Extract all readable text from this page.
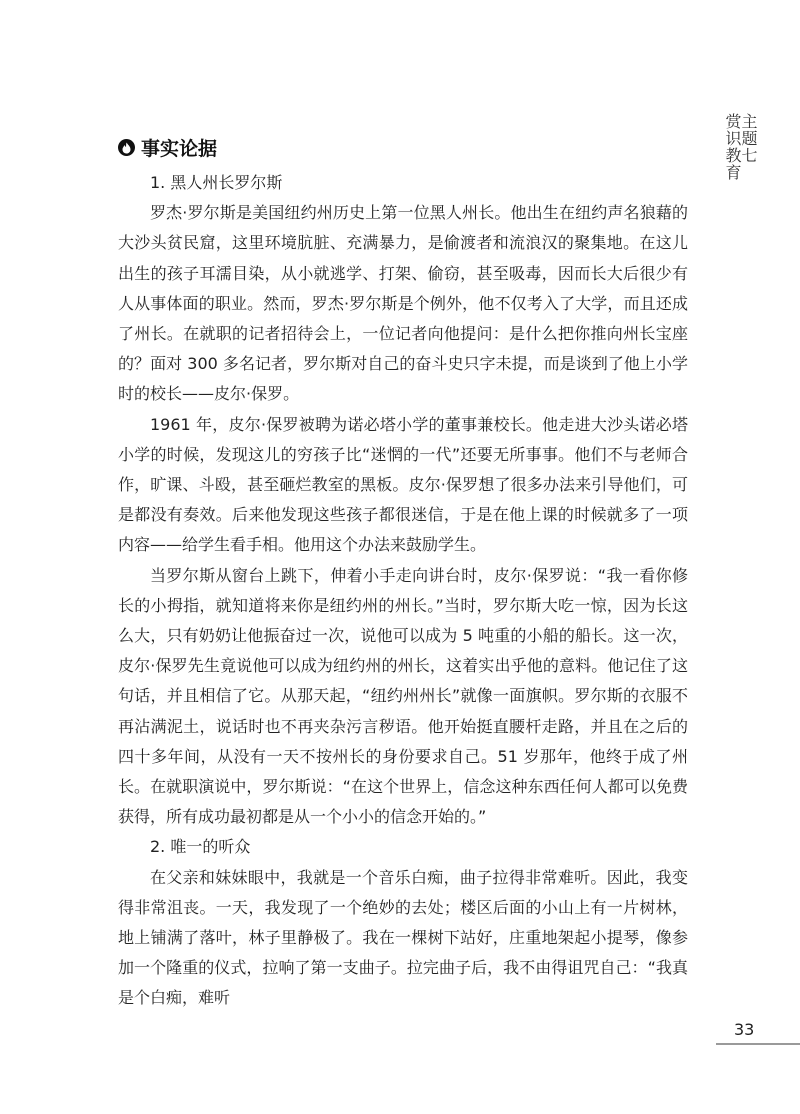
主题七
赏识教育
事实论据

1. 黑人州长罗尔斯

罗杰·罗尔斯是美国纽约州历史上第一位黑人州长。他出生在纽约声名狼藉的大沙头贫民窟，这里环境肮脏、充满暴力，是偷渡者和流浪汉的聚集地。在这儿出生的孩子耳濡目染，从小就逃学、打架、偷窃，甚至吸毒，因而长大后很少有人从事体面的职业。然而，罗杰·罗尔斯是个例外，他不仅考入了大学，而且还成了州长。在就职的记者招待会上，一位记者向他提问：是什么把你推向州长宝座的？面对 300 多名记者，罗尔斯对自己的奋斗史只字未提，而是谈到了他上小学时的校长——皮尔·保罗。

1961 年，皮尔·保罗被聘为诺必塔小学的董事兼校长。他走进大沙头诺必塔小学的时候，发现这儿的穷孩子比“迷惘的一代”还要无所事事。他们不与老师合作，旷课、斗殴，甚至砸烂教室的黑板。皮尔·保罗想了很多办法来引导他们，可是都没有奏效。后来他发现这些孩子都很迷信，于是在他上课的时候就多了一项内容——给学生看手相。他用这个办法来鼓励学生。

当罗尔斯从窗台上跳下，伸着小手走向讲台时，皮尔·保罗说：“我一看你修长的小拇指，就知道将来你是纽约州的州长。”当时，罗尔斯大吃一惊，因为长这么大，只有奶奶让他振奋过一次，说他可以成为 5 吨重的小船的船长。这一次，皮尔·保罗先生竟说他可以成为纽约州的州长，这着实出乎他的意料。他记住了这句话，并且相信了它。从那天起，“纽约州州长”就像一面旗帜。罗尔斯的衣服不再沾满泥土，说话时也不再夹杂污言秽语。他开始挺直腰杆走路，并且在之后的四十多年间，从没有一天不按州长的身份要求自己。51 岁那年，他终于成了州长。在就职演说中，罗尔斯说：“在这个世界上，信念这种东西任何人都可以免费获得，所有成功最初都是从一个小小的信念开始的。”

2. 唯一的听众

在父亲和妹妹眼中，我就是一个音乐白痴，曲子拉得非常难听。因此，我变得非常沮丧。一天，我发现了一个绝妙的去处；楼区后面的小山上有一片树林，地上铺满了落叶，林子里静极了。我在一棵树下站好，庄重地架起小提琴，像参加一个隆重的仪式，拉响了第一支曲子。拉完曲子后，我不由得诅咒自己：“我真是个白痴，难听

33
